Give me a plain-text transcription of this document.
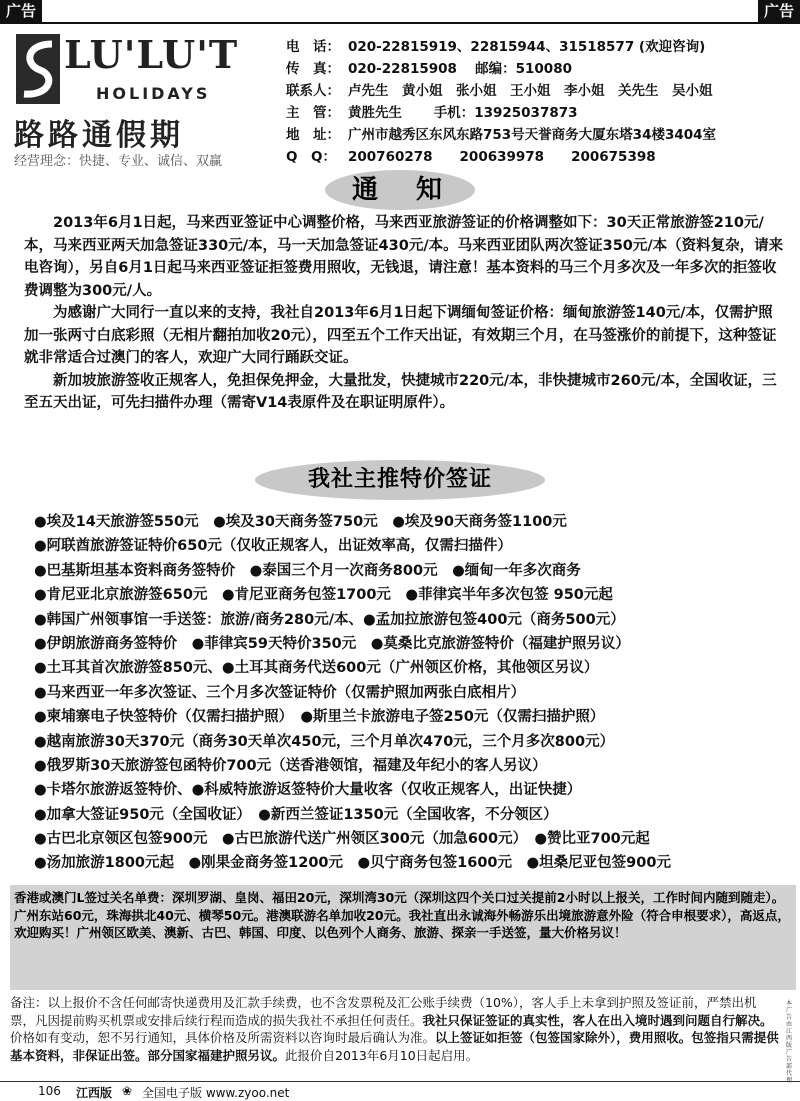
广告	广告
LU'LU'T
HOLIDAYS
路路通假期
经营理念：快捷、专业、诚信、双赢
电　话： 020-22815919、22815944、31518577 (欢迎咨询)
传　真： 020-22815908　 邮编：510080
联系人： 卢先生　黄小姐　张小姐　王小姐　李小姐　关先生　吴小姐
主　管： 黄胜先生　　 手机：13925037873
地　址： 广州市越秀区东风东路753号天誉商务大厦东塔34楼3404室
Q　Q： 200760278　　200639978　　200675398
通　知

2013年6月1日起，马来西亚签证中心调整价格，马来西亚旅游签证的价格调整如下：30天正常旅游签210元/本，马来西亚两天加急签证330元/本，马一天加急签证430元/本。马来西亚团队两次签证350元/本（资料复杂，请来电咨询），另自6月1日起马来西亚签证拒签费用照收，无钱退，请注意！基本资料的马三个月多次及一年多次的拒签收费调整为300元/人。

为感谢广大同行一直以来的支持，我社自2013年6月1日起下调缅甸签证价格：缅甸旅游签140元/本，仅需护照加一张两寸白底彩照（无相片翻拍加收20元），四至五个工作天出证，有效期三个月，在马签涨价的前提下，这种签证就非常适合过澳门的客人，欢迎广大同行踊跃交证。

新加坡旅游签收正规客人，免担保免押金，大量批发，快捷城市220元/本，非快捷城市260元/本，全国收证，三至五天出证，可先扫描件办理（需寄V14表原件及在职证明原件）。

我社主推特价签证
●埃及14天旅游签550元　●埃及30天商务签750元　●埃及90天商务签1100元
●阿联酋旅游签证特价650元（仅收正规客人，出证效率高，仅需扫描件）
●巴基斯坦基本资料商务签特价　●泰国三个月一次商务800元　●缅甸一年多次商务
●肯尼亚北京旅游签650元　●肯尼亚商务包签1700元　●菲律宾半年多次包签 950元起
●韩国广州领事馆一手送签：旅游/商务280元/本、●孟加拉旅游包签400元（商务500元）
●伊朗旅游商务签特价　●菲律宾59天特价350元　●莫桑比克旅游签特价（福建护照另议）
●土耳其首次旅游签850元、●土耳其商务代送600元（广州领区价格，其他领区另议）
●马来西亚一年多次签证、三个月多次签证特价（仅需护照加两张白底相片）
●柬埔寨电子快签特价（仅需扫描护照）　●斯里兰卡旅游电子签250元（仅需扫描护照）
●越南旅游30天370元（商务30天单次450元，三个月单次470元，三个月多次800元）
●俄罗斯30天旅游签包函特价700元（送香港领馆，福建及年纪小的客人另议）
●卡塔尔旅游返签特价、●科威特旅游返签特价大量收客（仅收正规客人，出证快捷）
●加拿大签证950元（全国收证）　●新西兰签证1350元（全国收客，不分领区）
●古巴北京领区包签900元　●古巴旅游代送广州领区300元（加急600元）　●赞比亚700元起
●汤加旅游1800元起　●刚果金商务签1200元　●贝宁商务包签1600元　●坦桑尼亚包签900元
香港或澳门L签过关名单费：深圳罗湖、皇岗、福田20元，深圳湾30元（深圳这四个关口过关提前2小时以上报关，工作时间内随到随走）。广州东站60元，珠海拱北40元、横琴50元。港澳联游名单加收20元。我社直出永诚海外畅游乐出境旅游意外险（符合申根要求），高返点，欢迎购买！广州领区欧美、澳新、古巴、韩国、印度、以色列个人商务、旅游、探亲一手送签，量大价格另议！
备注：以上报价不含任何邮寄快递费用及汇款手续费，也不含发票税及汇公账手续费（10%），客人手上未拿到护照及签证前，严禁出机票，凡因提前购买机票或安排后续行程而造成的损失我社不承担任何责任。我社只保证签证的真实性，客人在出入境时遇到问题自行解决。价格如有变动，恕不另行通知，具体价格及所需资料以咨询时最后确认为准。以上签证如拒签（包签国家除外），费用照收。包签指只需提供基本资料，非保证出签。部分国家福建护照另议。此报价自2013年6月10日起启用。
本广告由江西版广告部代
106 江西版 ❀ 全国电子版 www.zyoo.net
